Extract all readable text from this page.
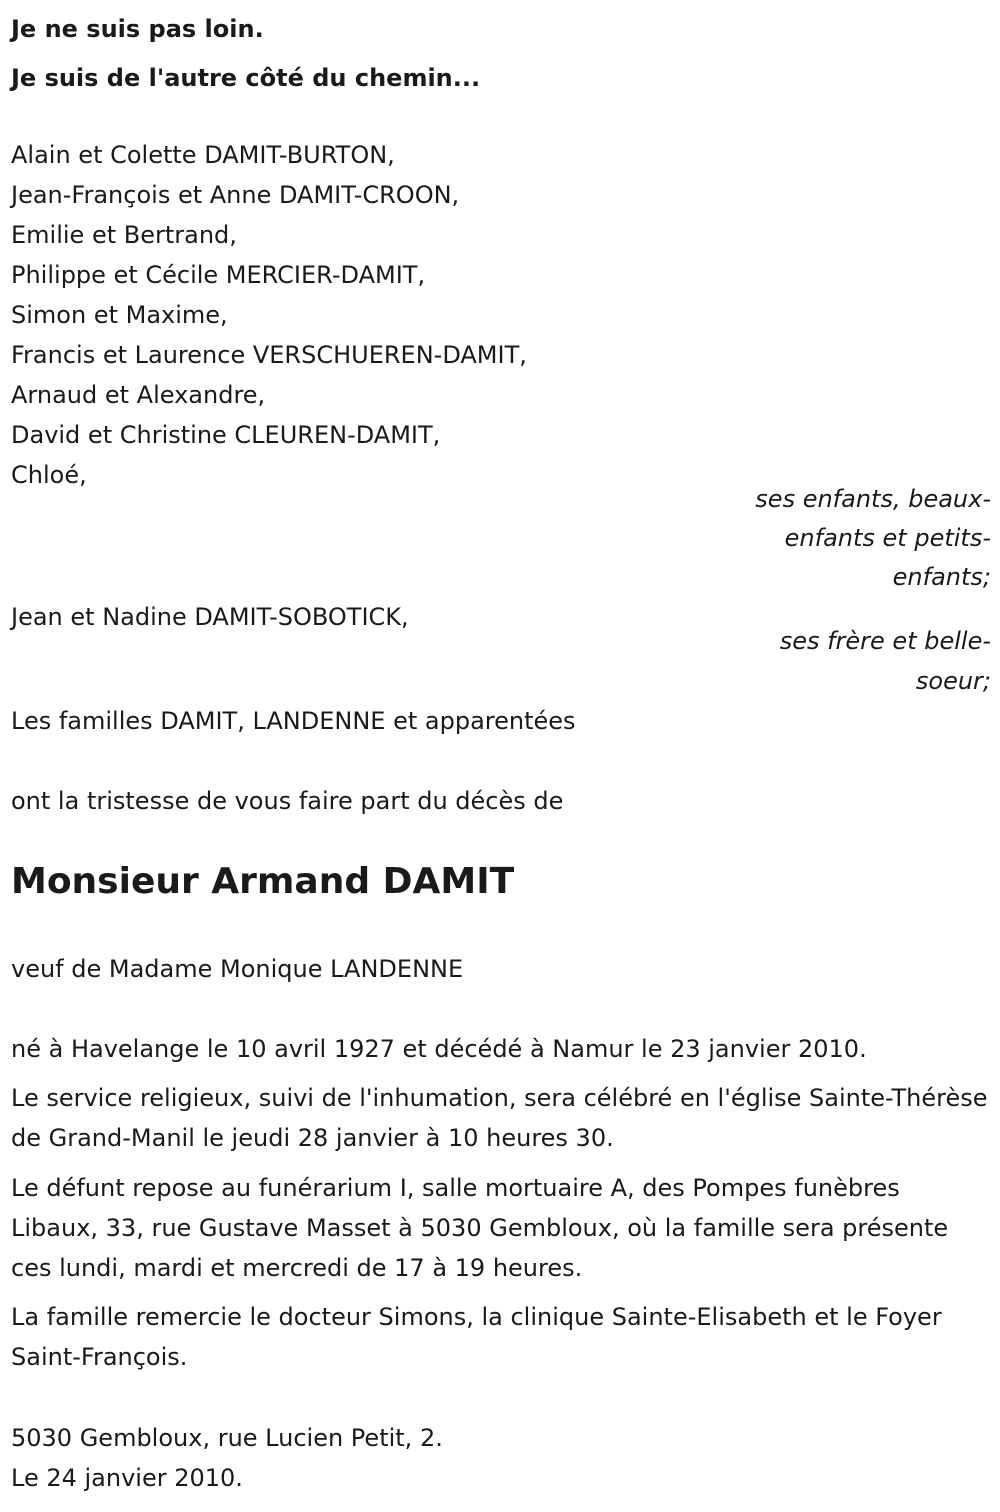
Je ne suis pas loin.
Je suis de l'autre côté du chemin...
Alain et Colette DAMIT-BURTON,
Jean-François et Anne DAMIT-CROON,
Emilie et Bertrand,
Philippe et Cécile MERCIER-DAMIT,
Simon et Maxime,
Francis et Laurence VERSCHUEREN-DAMIT,
Arnaud et Alexandre,
David et Christine CLEUREN-DAMIT,
Chloé,
ses enfants, beaux-
enfants et petits-
enfants;
Jean et Nadine DAMIT-SOBOTICK,
ses frère et belle-
soeur;
Les familles DAMIT, LANDENNE et apparentées
ont la tristesse de vous faire part du décès de
Monsieur Armand DAMIT
veuf de Madame Monique LANDENNE
né à Havelange le 10 avril 1927 et décédé à Namur le 23 janvier 2010.
Le service religieux, suivi de l'inhumation, sera célébré en l'église Sainte-Thérèse de Grand-Manil le jeudi 28 janvier à 10 heures 30.
Le défunt repose au funérarium I, salle mortuaire A, des Pompes funèbres Libaux, 33, rue Gustave Masset à 5030 Gembloux, où la famille sera présente ces lundi, mardi et mercredi de 17 à 19 heures.
La famille remercie le docteur Simons, la clinique Sainte-Elisabeth et le Foyer Saint-François.
5030 Gembloux, rue Lucien Petit, 2.
Le 24 janvier 2010.
